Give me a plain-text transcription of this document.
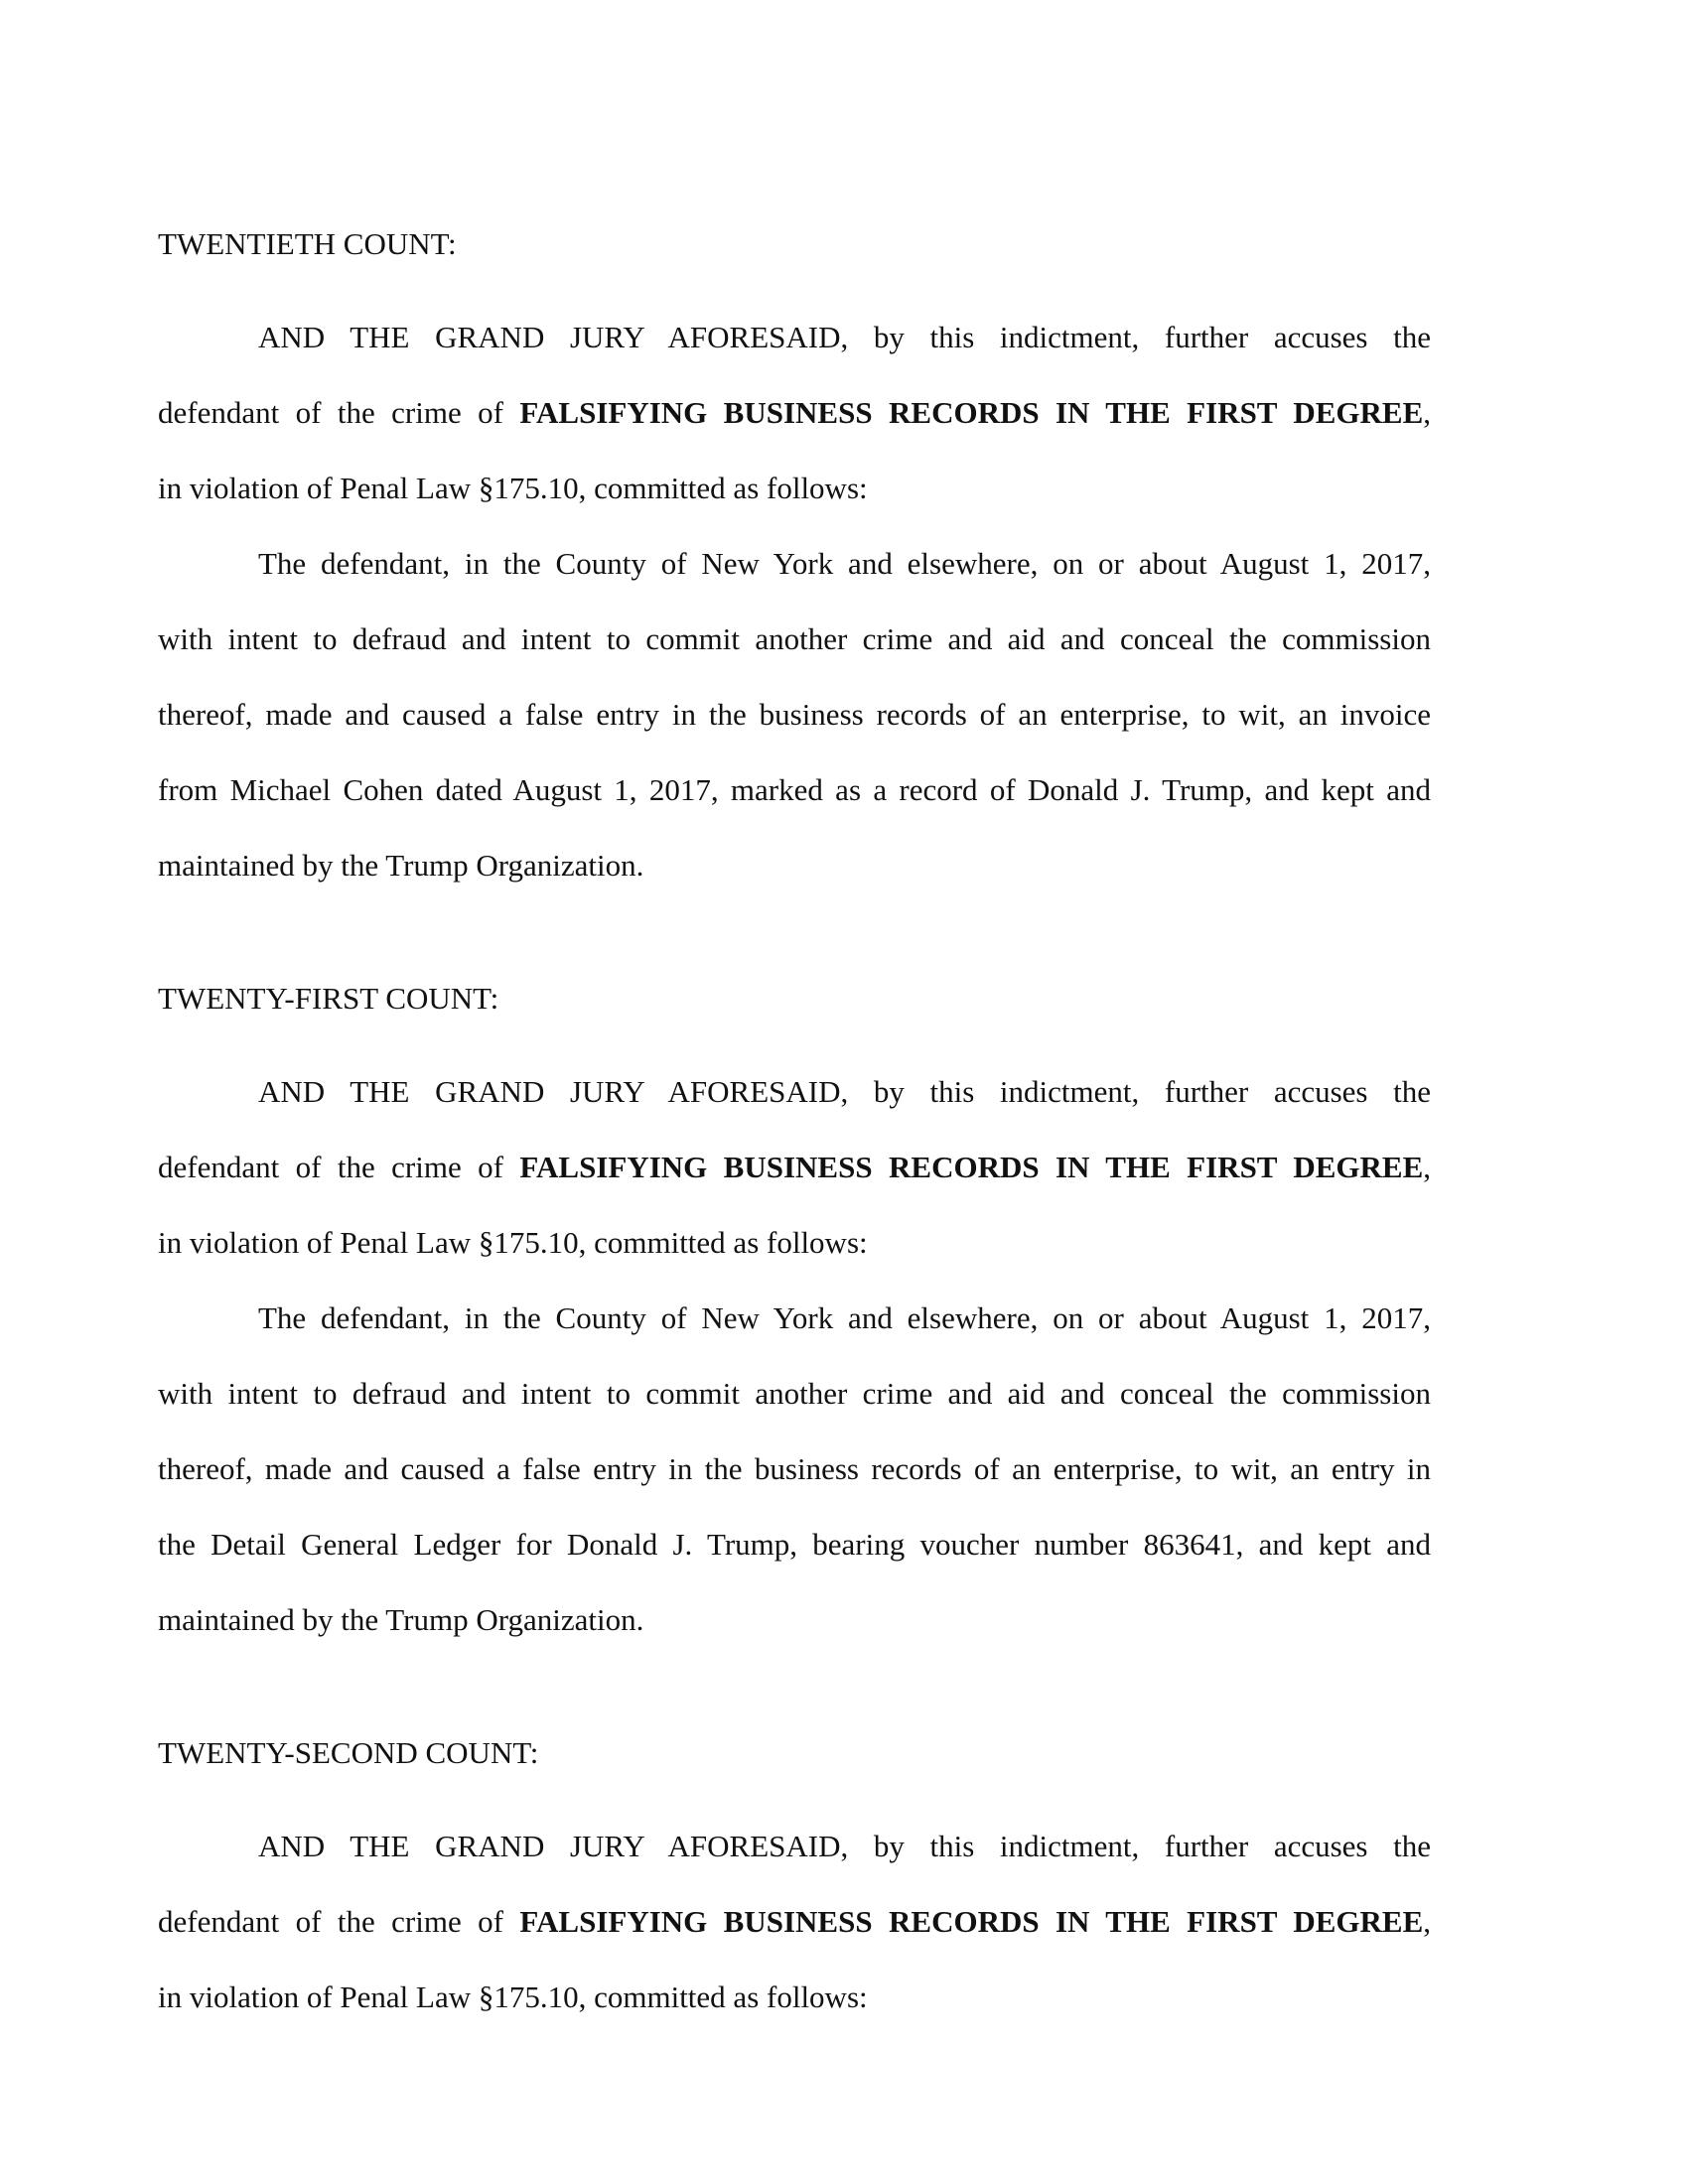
TWENTIETH COUNT:
AND THE GRAND JURY AFORESAID, by this indictment, further accuses the
defendant of the crime of FALSIFYING BUSINESS RECORDS IN THE FIRST DEGREE,
in violation of Penal Law §175.10, committed as follows:
The defendant, in the County of New York and elsewhere, on or about August 1, 2017,
with intent to defraud and intent to commit another crime and aid and conceal the commission
thereof, made and caused a false entry in the business records of an enterprise, to wit, an invoice
from Michael Cohen dated August 1, 2017, marked as a record of Donald J. Trump, and kept and
maintained by the Trump Organization.
TWENTY-FIRST COUNT:
AND THE GRAND JURY AFORESAID, by this indictment, further accuses the
defendant of the crime of FALSIFYING BUSINESS RECORDS IN THE FIRST DEGREE,
in violation of Penal Law §175.10, committed as follows:
The defendant, in the County of New York and elsewhere, on or about August 1, 2017,
with intent to defraud and intent to commit another crime and aid and conceal the commission
thereof, made and caused a false entry in the business records of an enterprise, to wit, an entry in
the Detail General Ledger for Donald J. Trump, bearing voucher number 863641, and kept and
maintained by the Trump Organization.
TWENTY-SECOND COUNT:
AND THE GRAND JURY AFORESAID, by this indictment, further accuses the
defendant of the crime of FALSIFYING BUSINESS RECORDS IN THE FIRST DEGREE,
in violation of Penal Law §175.10, committed as follows:
